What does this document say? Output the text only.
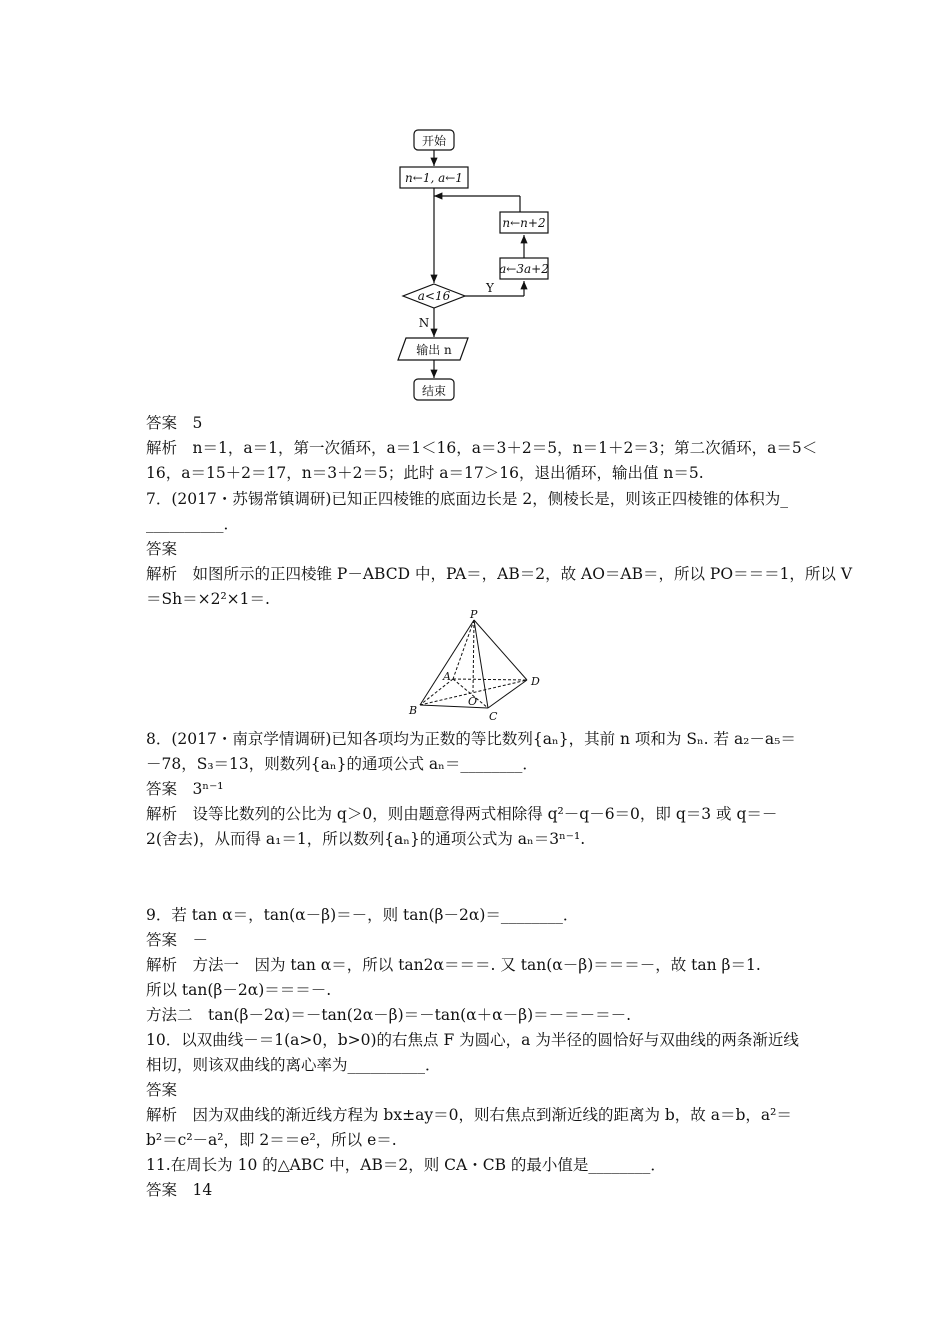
开始
n←1, a←1
n←n+2
a←3a+2
a<16
Y
N
输出 n
结束
答案　5
解析　n＝1，a＝1，第一次循环，a＝1＜16，a＝3＋2＝5，n＝1＋2＝3；第二次循环，a＝5＜
16，a＝15＋2＝17，n＝3＋2＝5；此时 a＝17＞16，退出循环，输出值 n＝5.
7．(2017・苏锡常镇调研)已知正四棱锥的底面边长是 2，侧棱长是，则该正四棱锥的体积为_
__________．
答案
解析　如图所示的正四棱锥 P－ABCD 中，PA＝，AB＝2，故 AO＝AB＝，所以 PO＝＝＝1，所以 V
＝Sh＝×2²×1＝.
P
A
O
D
B	C
8．(2017・南京学情调研)已知各项均为正数的等比数列{aₙ}，其前 n 项和为 Sₙ. 若 a₂－a₅＝
－78，S₃＝13，则数列{aₙ}的通项公式 aₙ＝________．
答案　3ⁿ⁻¹
解析　设等比数列的公比为 q＞0，则由题意得两式相除得 q²－q－6＝0，即 q＝3 或 q＝－
2(舍去)，从而得 a₁＝1，所以数列{aₙ}的通项公式为 aₙ＝3ⁿ⁻¹.
9．若 tan α＝，tan(α－β)＝－，则 tan(β－2α)＝________．
答案　－
解析　方法一　因为 tan α＝，所以 tan2α＝＝＝. 又 tan(α－β)＝＝＝－，故 tan β＝1.
所以 tan(β－2α)＝＝＝－.
方法二　tan(β－2α)＝－tan(2α－β)＝－tan(α＋α－β)＝－＝－＝－.
10．以双曲线－＝1(a>0，b>0)的右焦点 F 为圆心，a 为半径的圆恰好与双曲线的两条渐近线
相切，则该双曲线的离心率为__________．
答案
解析　因为双曲线的渐近线方程为 bx±ay＝0，则右焦点到渐近线的距离为 b，故 a＝b，a²＝
b²＝c²－a²，即 2＝＝e²，所以 e＝.
11.在周长为 10 的△ABC 中，AB＝2，则 CA・CB 的最小值是________．
答案　14
